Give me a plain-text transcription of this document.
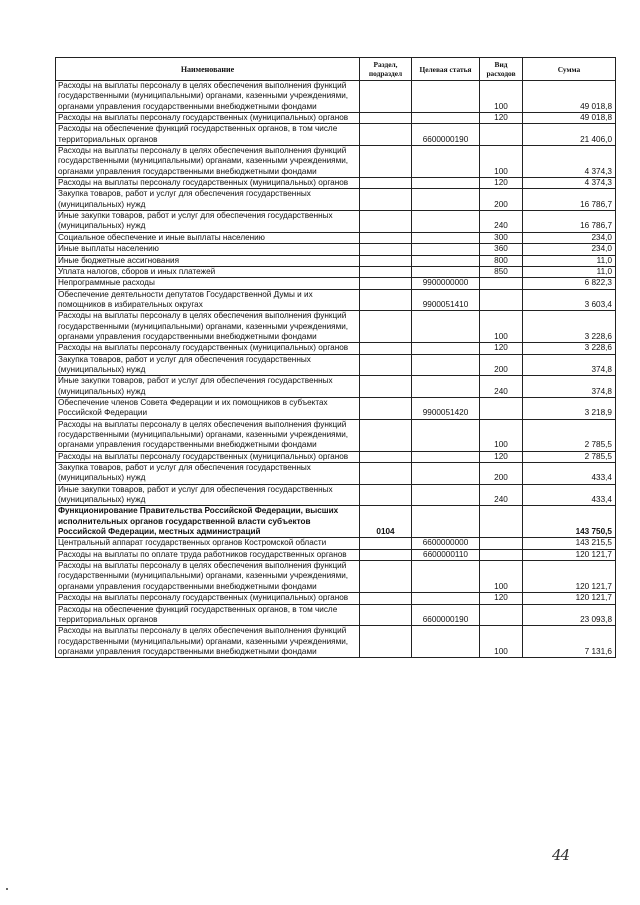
Наименование	Раздел, подраздел	Целевая статья	Вид расходов	Сумма
Расходы на выплаты персоналу в целях обеспечения выполнения функций государственными (муниципальными) органами, казенными учреждениями, органами управления государственными внебюджетными фондами			100	49 018,8
Расходы на выплаты персоналу государственных (муниципальных) органов			120	49 018,8
Расходы на обеспечение функций государственных органов, в том числе территориальных органов		6600000190		21 406,0
Расходы на выплаты персоналу в целях обеспечения выполнения функций государственными (муниципальными) органами, казенными учреждениями, органами управления государственными внебюджетными фондами			100	4 374,3
Расходы на выплаты персоналу государственных (муниципальных) органов			120	4 374,3
Закупка товаров, работ и услуг для обеспечения государственных (муниципальных) нужд			200	16 786,7
Иные закупки товаров, работ и услуг для обеспечения государственных (муниципальных) нужд			240	16 786,7
Социальное обеспечение и иные выплаты населению			300	234,0
Иные выплаты населению			360	234,0
Иные бюджетные ассигнования			800	11,0
Уплата налогов, сборов и иных платежей			850	11,0
Непрограммные расходы		9900000000		6 822,3
Обеспечение деятельности депутатов Государственной Думы и их помощников в избирательных округах		9900051410		3 603,4
Расходы на выплаты персоналу в целях обеспечения выполнения функций государственными (муниципальными) органами, казенными учреждениями, органами управления государственными внебюджетными фондами			100	3 228,6
Расходы на выплаты персоналу государственных (муниципальных) органов			120	3 228,6
Закупка товаров, работ и услуг для обеспечения государственных (муниципальных) нужд			200	374,8
Иные закупки товаров, работ и услуг для обеспечения государственных (муниципальных) нужд			240	374,8
Обеспечение членов Совета Федерации и их помощников в субъектах Российской Федерации		9900051420		3 218,9
Расходы на выплаты персоналу в целях обеспечения выполнения функций государственными (муниципальными) органами, казенными учреждениями, органами управления государственными внебюджетными фондами			100	2 785,5
Расходы на выплаты персоналу государственных (муниципальных) органов			120	2 785,5
Закупка товаров, работ и услуг для обеспечения государственных (муниципальных) нужд			200	433,4
Иные закупки товаров, работ и услуг для обеспечения государственных (муниципальных) нужд			240	433,4
Функционирование Правительства Российской Федерации, высших исполнительных органов государственной власти субъектов Российской Федерации, местных администраций	0104			143 750,5
Центральный аппарат государственных органов Костромской области		6600000000		143 215,5
Расходы на выплаты по оплате труда работников государственных органов		6600000110		120 121,7
Расходы на выплаты персоналу в целях обеспечения выполнения функций государственными (муниципальными) органами, казенными учреждениями, органами управления государственными внебюджетными фондами			100	120 121,7
Расходы на выплаты персоналу государственных (муниципальных) органов			120	120 121,7
Расходы на обеспечение функций государственных органов, в том числе территориальных органов		6600000190		23 093,8
Расходы на выплаты персоналу в целях обеспечения выполнения функций государственными (муниципальными) органами, казенными учреждениями, органами управления государственными внебюджетными фондами			100	7 131,6
44
